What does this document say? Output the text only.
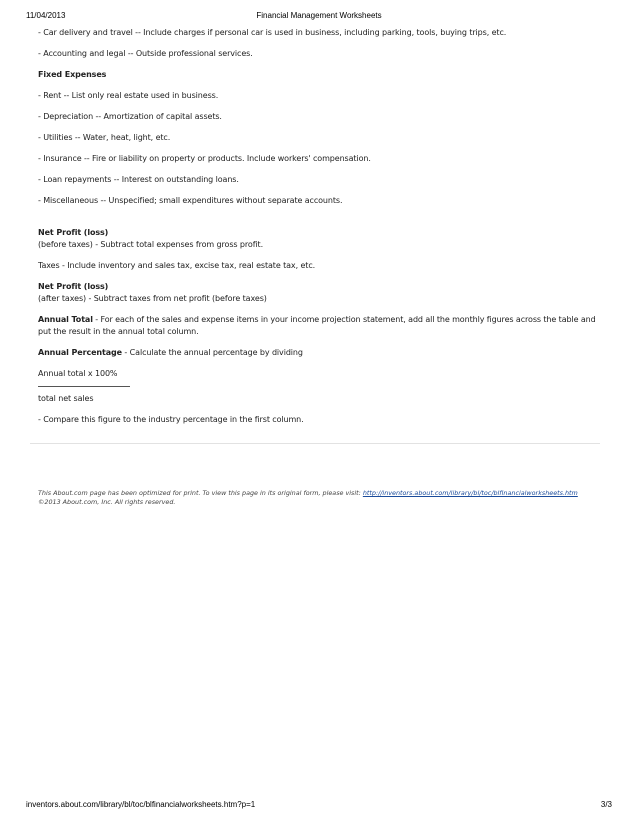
11/04/2013	Financial Management Worksheets

- Car delivery and travel -- Include charges if personal car is used in business, including parking, tools, buying trips, etc.

- Accounting and legal -- Outside professional services.

Fixed Expenses

- Rent -- List only real estate used in business.

- Depreciation -- Amortization of capital assets.

- Utilities -- Water, heat, light, etc.

- Insurance -- Fire or liability on property or products. Include workers' compensation.

- Loan repayments -- Interest on outstanding loans.

- Miscellaneous -- Unspecified; small expenditures without separate accounts.

Net Profit (loss)

(before taxes) - Subtract total expenses from gross profit.

Taxes - Include inventory and sales tax, excise tax, real estate tax, etc.

Net Profit (loss)

(after taxes) - Subtract taxes from net profit (before taxes)

Annual Total - For each of the sales and expense items in your income projection statement, add all the monthly figures across the table and put the result in the annual total column.

Annual Percentage - Calculate the annual percentage by dividing

Annual total x 100%

total net sales

- Compare this figure to the industry percentage in the first column.

This About.com page has been optimized for print. To view this page in its original form, please visit: http://inventors.about.com/library/bl/toc/blfinancialworksheets.htm
©2013 About.com, Inc. All rights reserved.
inventors.about.com/library/bl/toc/blfinancialworksheets.htm?p=1	3/3
